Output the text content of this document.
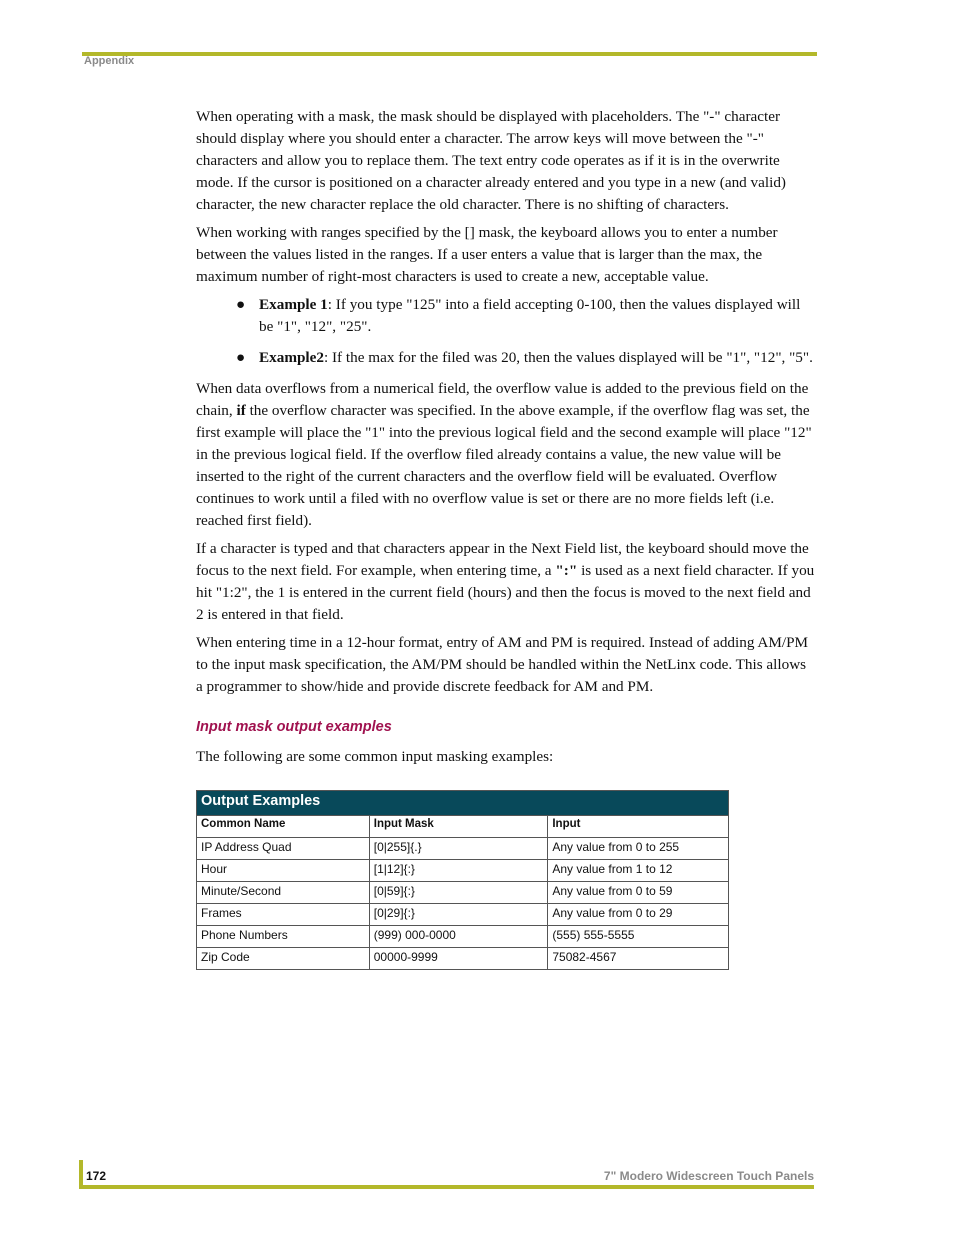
Appendix

When operating with a mask, the mask should be displayed with placeholders. The "-" character should display where you should enter a character. The arrow keys will move between the "-" characters and allow you to replace them. The text entry code operates as if it is in the overwrite mode. If the cursor is positioned on a character already entered and you type in a new (and valid) character, the new character replace the old character. There is no shifting of characters.

When working with ranges specified by the [] mask, the keyboard allows you to enter a number between the values listed in the ranges. If a user enters a value that is larger than the max, the maximum number of right-most characters is used to create a new, acceptable value.

● Example 1: If you type "125" into a field accepting 0-100, then the values displayed will be "1", "12", "25".
● Example2: If the max for the filed was 20, then the values displayed will be "1", "12", "5".

When data overflows from a numerical field, the overflow value is added to the previous field on the chain, if the overflow character was specified. In the above example, if the overflow flag was set, the first example will place the "1" into the previous logical field and the second example will place "12" in the previous logical field. If the overflow filed already contains a value, the new value will be inserted to the right of the current characters and the overflow field will be evaluated. Overflow continues to work until a filed with no overflow value is set or there are no more fields left (i.e. reached first field).

If a character is typed and that characters appear in the Next Field list, the keyboard should move the focus to the next field. For example, when entering time, a ":" is used as a next field character. If you hit "1:2", the 1 is entered in the current field (hours) and then the focus is moved to the next field and 2 is entered in that field.

When entering time in a 12-hour format, entry of AM and PM is required. Instead of adding AM/PM to the input mask specification, the AM/PM should be handled within the NetLinx code. This allows a programmer to show/hide and provide discrete feedback for AM and PM.

Input mask output examples

The following are some common input masking examples:

Output Examples		
Common Name	Input Mask	Input
IP Address Quad	[0|255]{.}	Any value from 0 to 255
Hour	[1|12]{:}	Any value from 1 to 12
Minute/Second	[0|59]{:}	Any value from 0 to 59
Frames	[0|29]{:}	Any value from 0 to 29
Phone Numbers	(999) 000-0000	(555) 555-5555
Zip Code	00000-9999	75082-4567
172	7" Modero Widescreen Touch Panels
